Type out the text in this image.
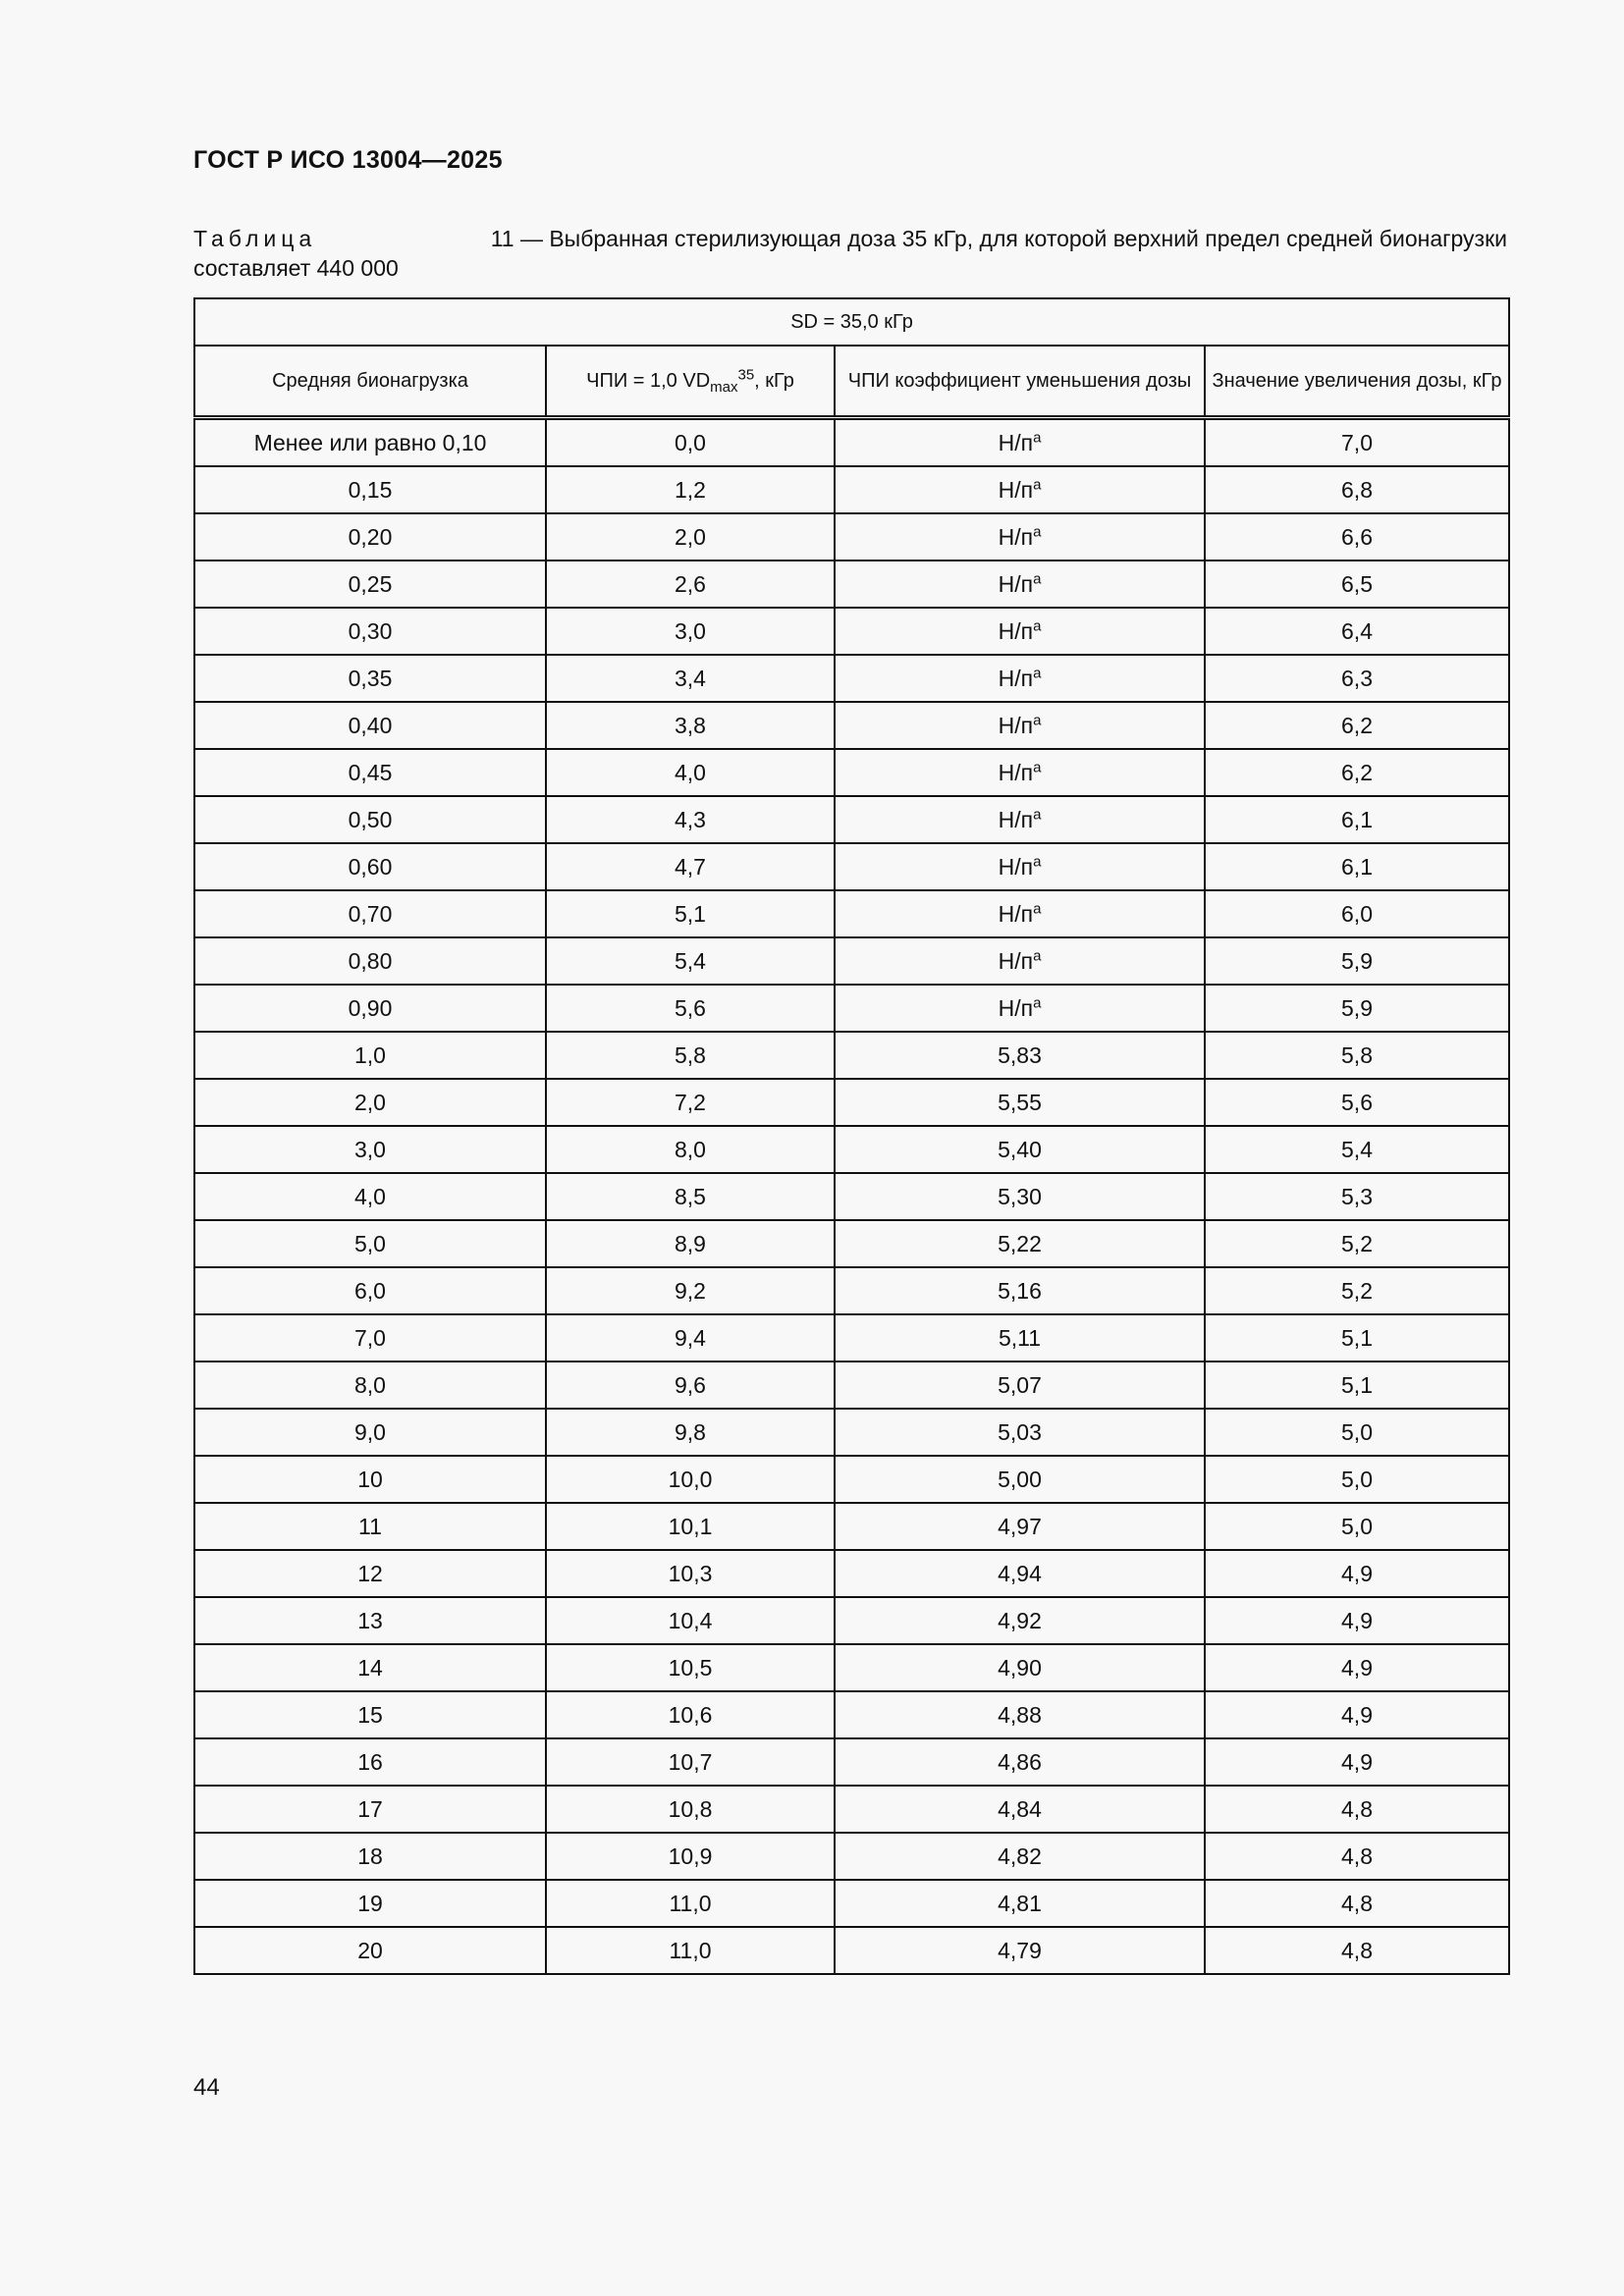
ГОСТ Р ИСО 13004—2025
Таблица	11 — Выбранная стерилизующая доза 35 кГр, для которой верхний предел средней бионагрузки
составляет 440 000
SD = 35,0 кГр			
Средняя бионагрузка	ЧПИ = 1,0 $VD_{max}^{35}$, кГр	ЧПИ коэффициент уменьшения дозы	Значение увеличения дозы, кГр
Менее или равно 0,10	0,0	$Н/п^a$	7,0
0,15	1,2	$Н/п^a$	6,8
0,20	2,0	$Н/п^a$	6,6
0,25	2,6	$Н/п^a$	6,5
0,30	3,0	$Н/п^a$	6,4
0,35	3,4	$Н/п^a$	6,3
0,40	3,8	$Н/п^a$	6,2
0,45	4,0	$Н/п^a$	6,2
0,50	4,3	$Н/п^a$	6,1
0,60	4,7	$Н/п^a$	6,1
0,70	5,1	$Н/п^a$	6,0
0,80	5,4	$Н/п^a$	5,9
0,90	5,6	$Н/п^a$	5,9
1,0	5,8	5,83	5,8
2,0	7,2	5,55	5,6
3,0	8,0	5,40	5,4
4,0	8,5	5,30	5,3
5,0	8,9	5,22	5,2
6,0	9,2	5,16	5,2
7,0	9,4	5,11	5,1
8,0	9,6	5,07	5,1
9,0	9,8	5,03	5,0
10	10,0	5,00	5,0
11	10,1	4,97	5,0
12	10,3	4,94	4,9
13	10,4	4,92	4,9
14	10,5	4,90	4,9
15	10,6	4,88	4,9
16	10,7	4,86	4,9
17	10,8	4,84	4,8
18	10,9	4,82	4,8
19	11,0	4,81	4,8
20	11,0	4,79	4,8
44
